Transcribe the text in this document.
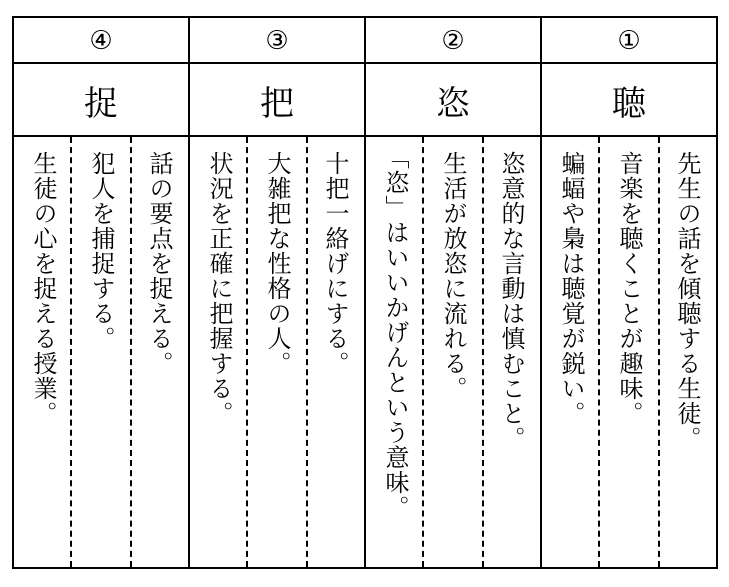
④
捉
生徒の心を捉える授業。 犯人を捕捉する。 話の要点を捉える。
③
把
状況を正確に把握する。 大雑把な性格の人。 十把一絡げにする。
②
恣
「恣」はいいかげんという意味。 生活が放恣に流れる。 恣意的な言動は慎むこと。
①
聴
蝙蝠や梟は聴覚が鋭い。 音楽を聴くことが趣味。 先生の話を傾聴する生徒。
